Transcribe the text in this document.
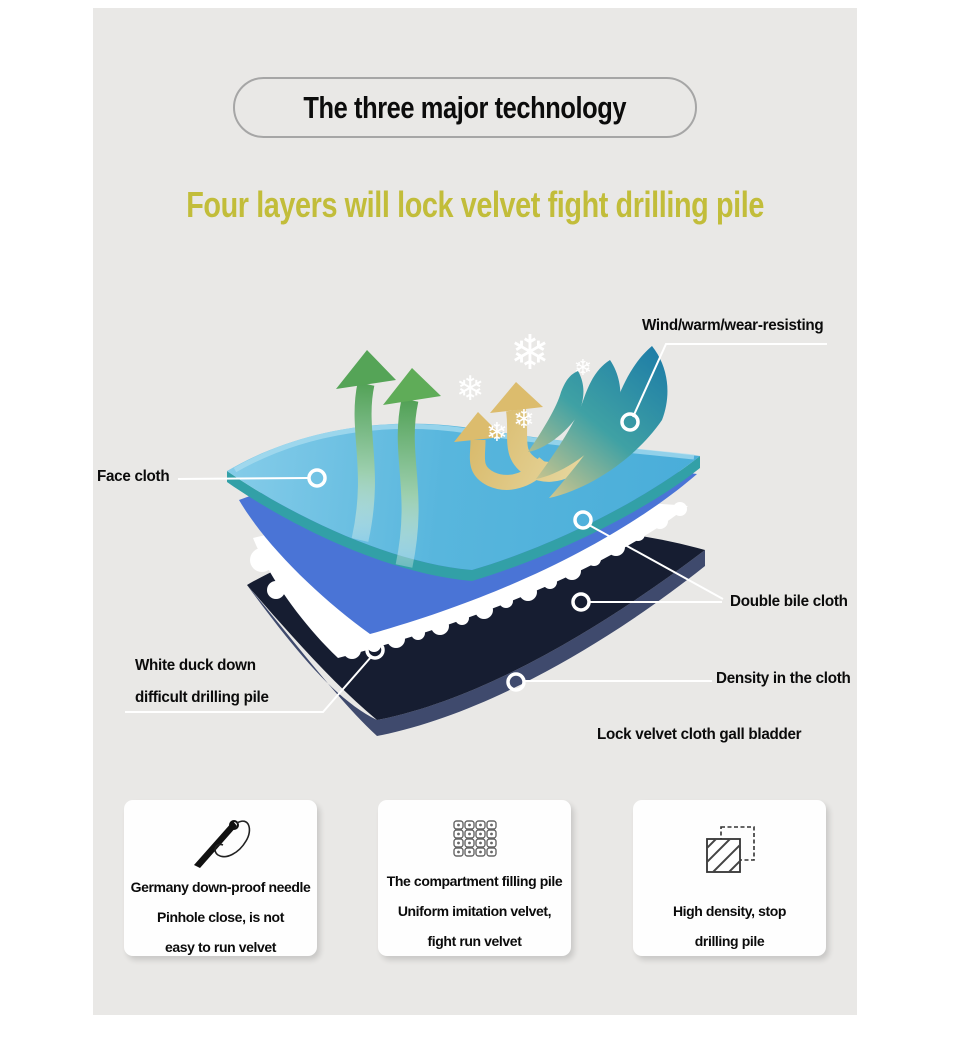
The three major technology
Four layers will lock velvet fight drilling pile
❄
❄
❄
❄ ❄
Wind/warm/wear-resisting
Face cloth
Double bile cloth
White duck down
difficult drilling pile
Density in the cloth
Lock velvet cloth gall bladder
Germany down-proof needle
Pinhole close, is not
easy to run velvet
The compartment filling pile
Uniform imitation velvet,
fight run velvet
High density, stop
drilling pile
